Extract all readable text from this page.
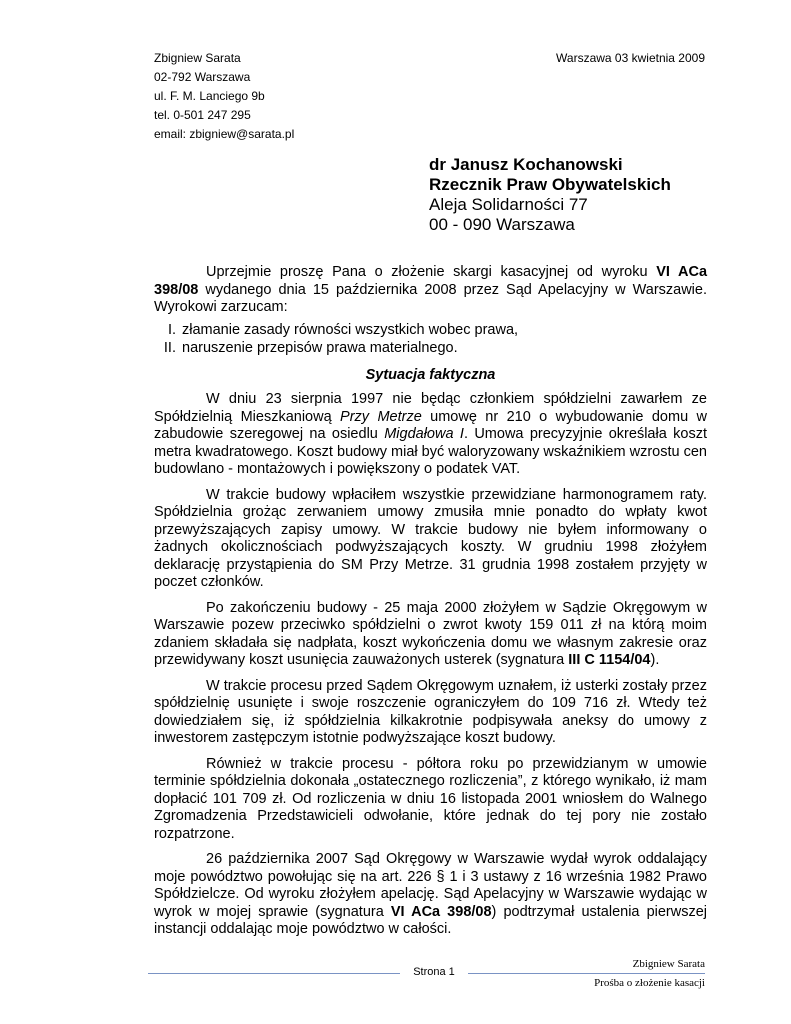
Zbigniew Sarata
02-792 Warszawa
ul. F. M. Lanciego 9b
tel. 0-501 247 295
email: zbigniew@sarata.pl
Warszawa 03 kwietnia 2009
dr Janusz Kochanowski
Rzecznik Praw Obywatelskich
Aleja Solidarności 77
00 - 090 Warszawa

Uprzejmie proszę Pana o złożenie skargi kasacyjnej od wyroku VI ACa 398/08 wydanego dnia 15 października 2008 przez Sąd Apelacyjny w Warszawie. Wyrokowi zarzucam:

I. złamanie zasady równości wszystkich wobec prawa,
II. naruszenie przepisów prawa materialnego.
Sytuacja faktyczna

W dniu 23 sierpnia 1997 nie będąc członkiem spółdzielni zawarłem ze Spółdzielnią Mieszkaniową Przy Metrze umowę nr 210 o wybudowanie domu w zabudowie szeregowej na osiedlu Migdałowa I. Umowa precyzyjnie określała koszt metra kwadratowego. Koszt budowy miał być waloryzowany wskaźnikiem wzrostu cen budowlano - montażowych i powiększony o podatek VAT.

W trakcie budowy wpłaciłem wszystkie przewidziane harmonogramem raty. Spółdzielnia grożąc zerwaniem umowy zmusiła mnie ponadto do wpłaty kwot przewyższających zapisy umowy. W trakcie budowy nie byłem informowany o żadnych okolicznościach podwyższających koszty. W grudniu 1998 złożyłem deklarację przystąpienia do SM Przy Metrze. 31 grudnia 1998 zostałem przyjęty w poczet członków.

Po zakończeniu budowy - 25 maja 2000 złożyłem w Sądzie Okręgowym w Warszawie pozew przeciwko spółdzielni o zwrot kwoty 159 011 zł na którą moim zdaniem składała się nadpłata, koszt wykończenia domu we własnym zakresie oraz przewidywany koszt usunięcia zauważonych usterek (sygnatura III C 1154/04).

W trakcie procesu przed Sądem Okręgowym uznałem, iż usterki zostały przez spółdzielnię usunięte i swoje roszczenie ograniczyłem do 109 716 zł. Wtedy też dowiedziałem się, iż spółdzielnia kilkakrotnie podpisywała aneksy do umowy z inwestorem zastępczym istotnie podwyższające koszt budowy.

Również w trakcie procesu - półtora roku po przewidzianym w umowie terminie spółdzielnia dokonała „ostatecznego rozliczenia”, z którego wynikało, iż mam dopłacić 101 709 zł. Od rozliczenia w dniu 16 listopada 2001 wniosłem do Walnego Zgromadzenia Przedstawicieli odwołanie, które jednak do tej pory nie zostało rozpatrzone.

26 października 2007 Sąd Okręgowy w Warszawie wydał wyrok oddalający moje powództwo powołując się na art. 226 § 1 i 3 ustawy z 16 września 1982 Prawo Spółdzielcze. Od wyroku złożyłem apelację. Sąd Apelacyjny w Warszawie wydając w wyrok w mojej sprawie (sygnatura VI ACa 398/08) podtrzymał ustalenia pierwszej instancji oddalając moje powództwo w całości.

Strona 1
Zbigniew Sarata
Prośba o złożenie kasacji
